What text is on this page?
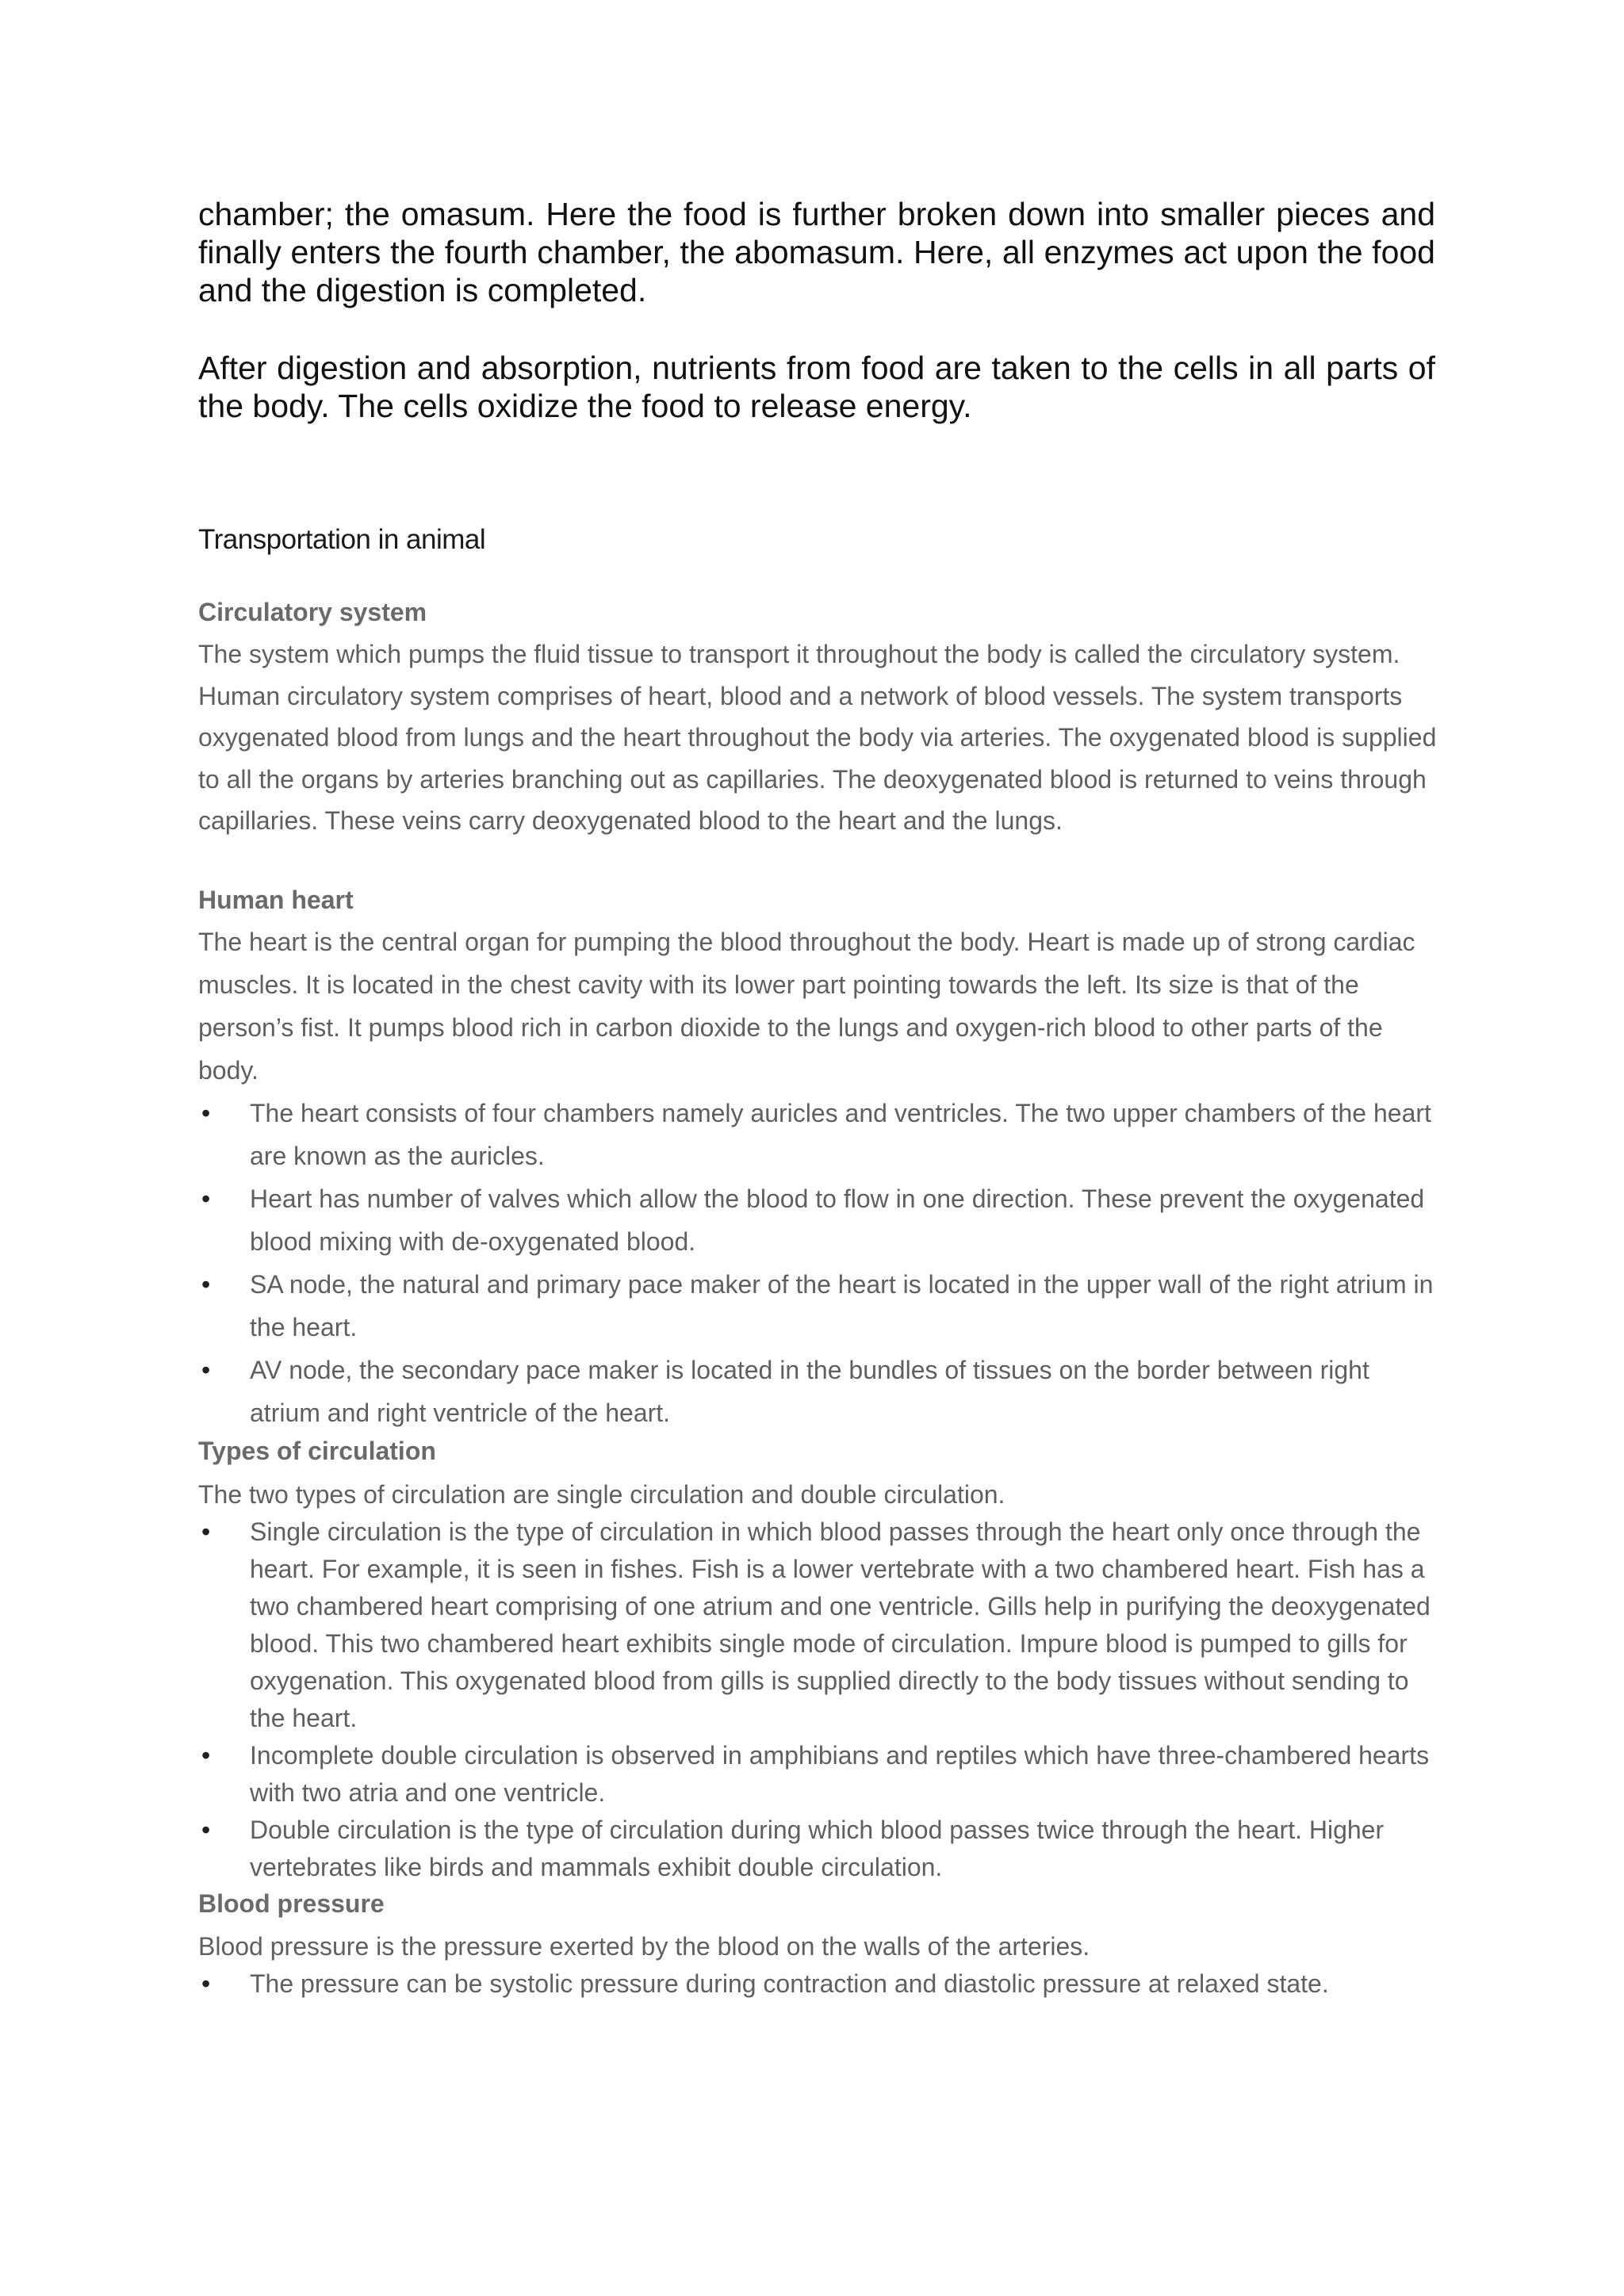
chamber; the omasum. Here the food is further broken down into smaller pieces and finally enters the fourth chamber, the abomasum. Here, all enzymes act upon the food and the digestion is completed.

After digestion and absorption, nutrients from food are taken to the cells in all parts of the body. The cells oxidize the food to release energy.

Transportation in animal
Circulatory system

The system which pumps the fluid tissue to transport it throughout the body is called the circulatory system. Human circulatory system comprises of heart, blood and a network of blood vessels. The system transports oxygenated blood from lungs and the heart throughout the body via arteries. The oxygenated blood is supplied to all the organs by arteries branching out as capillaries. The deoxygenated blood is returned to veins through capillaries. These veins carry deoxygenated blood to the heart and the lungs.

Human heart

The heart is the central organ for pumping the blood throughout the body. Heart is made up of strong cardiac muscles. It is located in the chest cavity with its lower part pointing towards the left. Its size is that of the person’s fist. It pumps blood rich in carbon dioxide to the lungs and oxygen-rich blood to other parts of the body.

• The heart consists of four chambers namely auricles and ventricles. The two upper chambers of the heart are known as the auricles.
• Heart has number of valves which allow the blood to flow in one direction. These prevent the oxygenated blood mixing with de-oxygenated blood.
• SA node, the natural and primary pace maker of the heart is located in the upper wall of the right atrium in the heart.
• AV node, the secondary pace maker is located in the bundles of tissues on the border between right atrium and right ventricle of the heart.
Types of circulation

The two types of circulation are single circulation and double circulation.

• Single circulation is the type of circulation in which blood passes through the heart only once through the heart. For example, it is seen in fishes. Fish is a lower vertebrate with a two chambered heart. Fish has a two chambered heart comprising of one atrium and one ventricle. Gills help in purifying the deoxygenated blood. This two chambered heart exhibits single mode of circulation. Impure blood is pumped to gills for oxygenation. This oxygenated blood from gills is supplied directly to the body tissues without sending to the heart.
• Incomplete double circulation is observed in amphibians and reptiles which have three-chambered hearts with two atria and one ventricle.
• Double circulation is the type of circulation during which blood passes twice through the heart. Higher vertebrates like birds and mammals exhibit double circulation.
Blood pressure

Blood pressure is the pressure exerted by the blood on the walls of the arteries.

• The pressure can be systolic pressure during contraction and diastolic pressure at relaxed state.
